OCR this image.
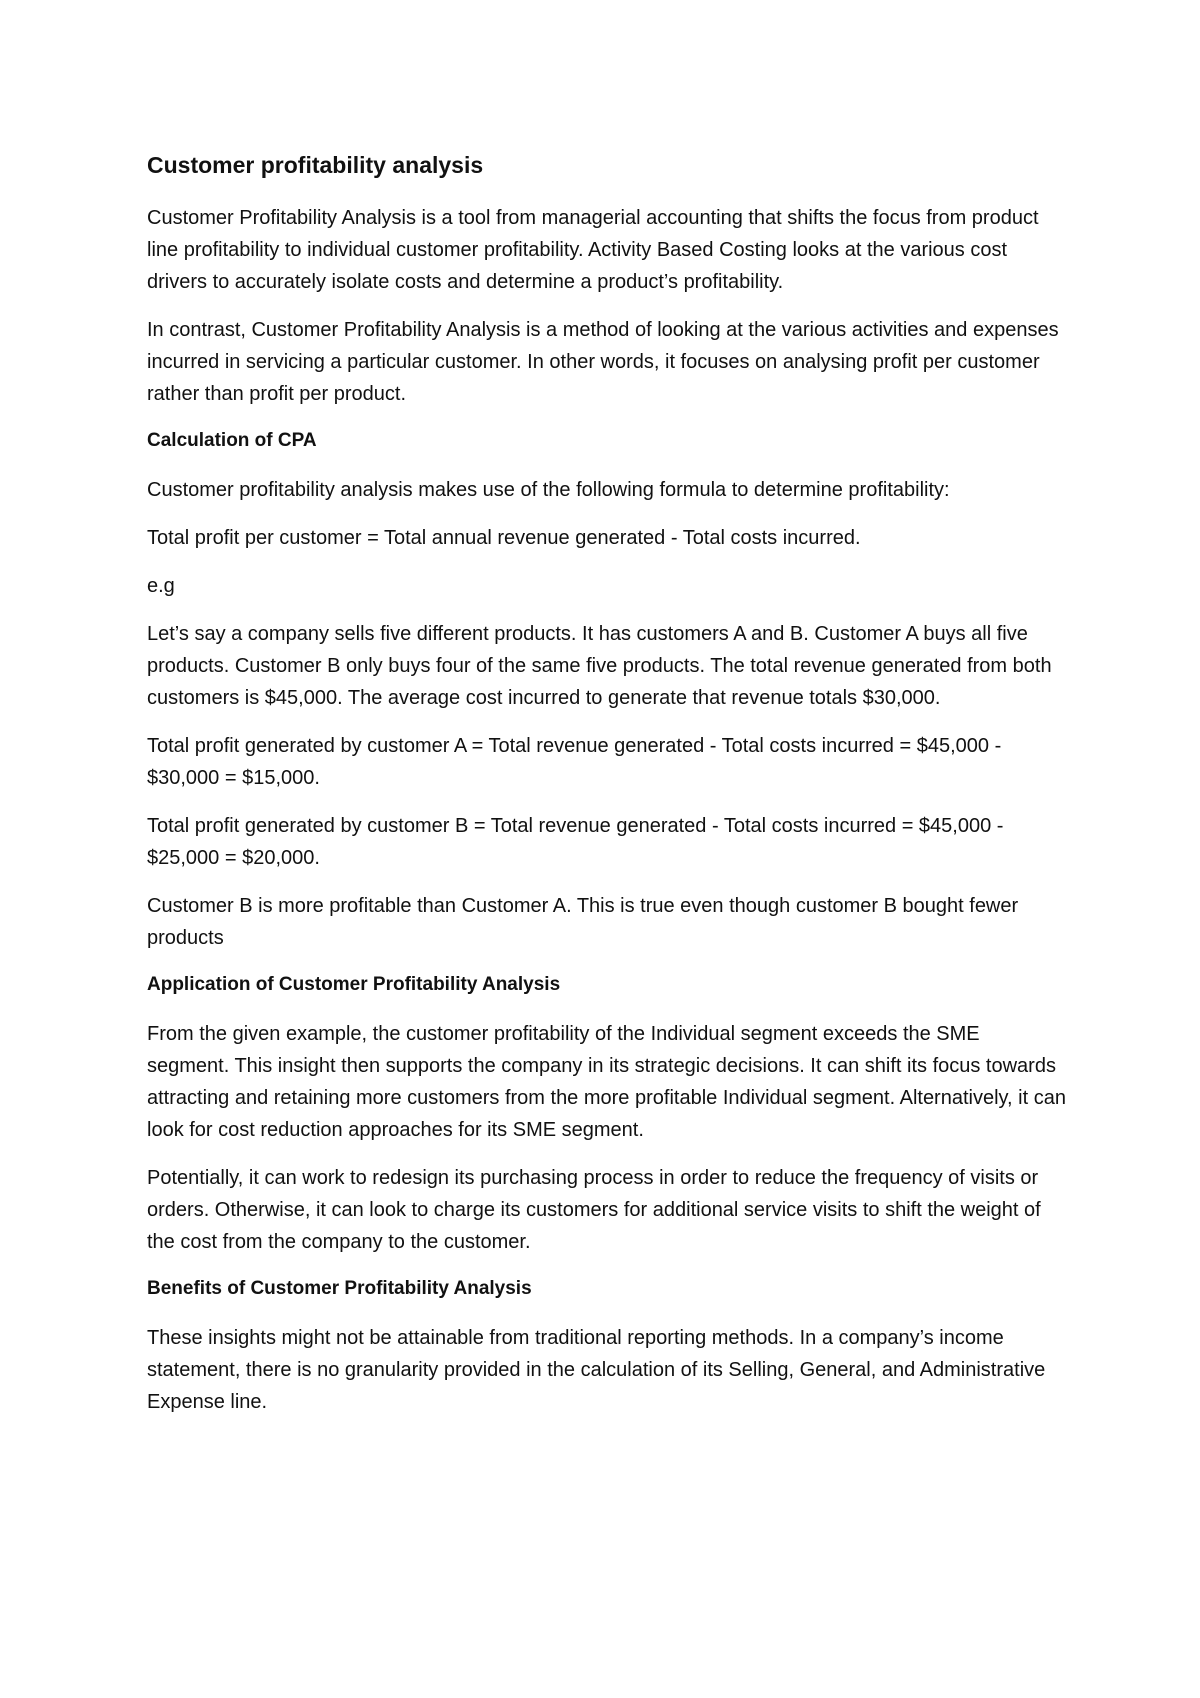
Customer profitability analysis

Customer Profitability Analysis is a tool from managerial accounting that shifts the focus from product line profitability to individual customer profitability. Activity Based Costing looks at the various cost drivers to accurately isolate costs and determine a product’s profitability.

In contrast, Customer Profitability Analysis is a method of looking at the various activities and expenses incurred in servicing a particular customer. In other words, it focuses on analysing profit per customer rather than profit per product.

Calculation of CPA

Customer profitability analysis makes use of the following formula to determine profitability:

Total profit per customer = Total annual revenue generated - Total costs incurred.

e.g

Let’s say a company sells five different products. It has customers A and B. Customer A buys all five products. Customer B only buys four of the same five products. The total revenue generated from both customers is $45,000. The average cost incurred to generate that revenue totals $30,000.

Total profit generated by customer A = Total revenue generated - Total costs incurred = $45,000 - $30,000 = $15,000.

Total profit generated by customer B = Total revenue generated - Total costs incurred = $45,000 - $25,000 = $20,000.

Customer B is more profitable than Customer A. This is true even though customer B bought fewer products

Application of Customer Profitability Analysis

From the given example, the customer profitability of the Individual segment exceeds the SME segment. This insight then supports the company in its strategic decisions. It can shift its focus towards attracting and retaining more customers from the more profitable Individual segment. Alternatively, it can look for cost reduction approaches for its SME segment.

Potentially, it can work to redesign its purchasing process in order to reduce the frequency of visits or orders. Otherwise, it can look to charge its customers for additional service visits to shift the weight of the cost from the company to the customer.

Benefits of Customer Profitability Analysis

These insights might not be attainable from traditional reporting methods. In a company’s income statement, there is no granularity provided in the calculation of its Selling, General, and Administrative Expense line.
